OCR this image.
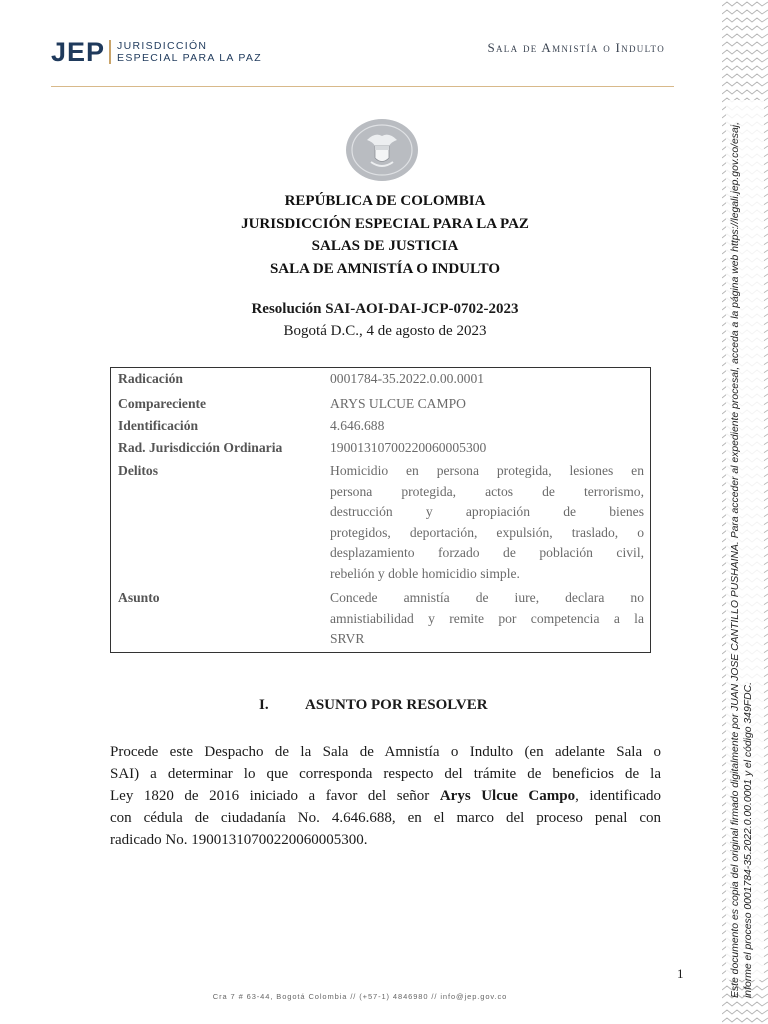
JEP JURISDICCIÓN
ESPECIAL PARA LA PAZ
Sala de Amnistía o Indulto
REPÚBLICA DE COLOMBIA
JURISDICCIÓN ESPECIAL PARA LA PAZ
SALAS DE JUSTICIA
SALA DE AMNISTÍA O INDULTO
Resolución SAI-AOI-DAI-JCP-0702-2023
Bogotá D.C., 4 de agosto de 2023
Radicación	0001784-35.2022.0.00.0001
Compareciente	ARYS ULCUE CAMPO
Identificación	4.646.688
Rad. Jurisdicción Ordinaria	19001310700220060005300
Delitos	Homicidio en persona protegida, lesiones en
persona protegida, actos de terrorismo,
destrucción y apropiación de bienes
protegidos, deportación, expulsión, traslado, o
desplazamiento forzado de población civil,
rebelión y doble homicidio simple.
Asunto	Concede amnistía de iure, declara no
amnistiabilidad y remite por competencia a la
SRVR
I. ASUNTO POR RESOLVER
Procede este Despacho de la Sala de Amnistía o Indulto (en adelante Sala o
SAI) a determinar lo que corresponda respecto del trámite de beneficios de la
Ley 1820 de 2016 iniciado a favor del señor Arys Ulcue Campo, identificado
con cédula de ciudadanía No. 4.646.688, en el marco del proceso penal con
radicado No. 19001310700220060005300.
1
Cra 7 # 63-44, Bogotá Colombia // (+57-1) 4846980 // info@jep.gov.co	Este documento es copia del original firmado digitalmente por JUAN JOSE CANTILLO PUSHAINA. Para acceder al expediente procesal, acceda a la página web https://legali.jep.gov.co/esaj, informe el proceso 0001784-35.2022.0.00.0001 y el código 349FDC.
